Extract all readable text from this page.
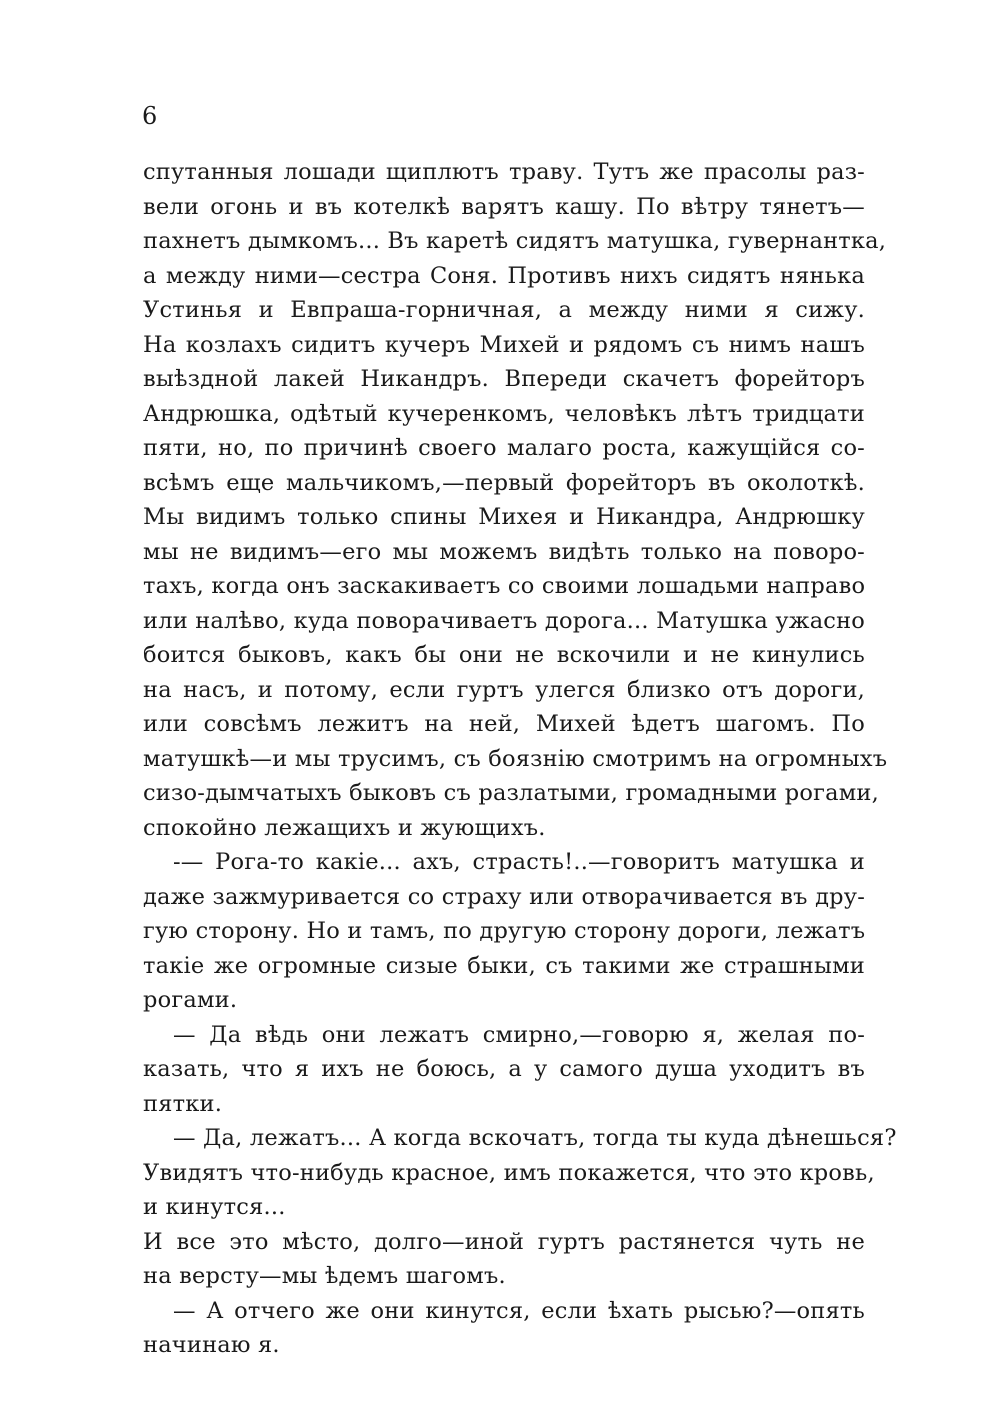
6
спутанныя лошади щиплютъ траву. Тутъ же прасолы раз-
вели огонь и въ котелкѣ варятъ кашу. По вѣтру тянетъ—
пахнетъ дымкомъ... Въ каретѣ сидятъ матушка, гувернантка,
а между ними—сестра Соня. Противъ нихъ сидятъ нянька
Устинья и Евпраша-горничная, а между ними я сижу.
На козлахъ сидитъ кучеръ Михей и рядомъ съ нимъ нашъ
выѣздной лакей Никандръ. Впереди скачетъ форейторъ
Андрюшка, одѣтый кучеренкомъ, человѣкъ лѣтъ тридцати
пяти, но, по причинѣ своего малаго роста, кажущійся со-
всѣмъ еще мальчикомъ,—первый форейторъ въ околоткѣ.
Мы видимъ только спины Михея и Никандра, Андрюшку
мы не видимъ—его мы можемъ видѣть только на поворо-
тахъ, когда онъ заскакиваетъ со своими лошадьми направо
или налѣво, куда поворачиваетъ дорога... Матушка ужасно
боится быковъ, какъ бы они не вскочили и не кинулись
на насъ, и потому, если гуртъ улегся близко отъ дороги,
или совсѣмъ лежитъ на ней, Михей ѣдетъ шагомъ. По
матушкѣ—и мы трусимъ, съ боязнію смотримъ на огромныхъ
сизо-дымчатыхъ быковъ съ разлатыми, громадными рогами,
спокойно лежащихъ и жующихъ.
-— Рога-то какіе... ахъ, страсть!..—говоритъ матушка и
даже зажмуривается со страху или отворачивается въ дру-
гую сторону. Но и тамъ, по другую сторону дороги, лежатъ
такіе же огромные сизые быки, съ такими же страшными
рогами.
— Да вѣдь они лежатъ смирно,—говорю я, желая по-
казать, что я ихъ не боюсь, а у самого душа уходитъ въ
пятки.
— Да, лежатъ... А когда вскочатъ, тогда ты куда дѣнешься?
Увидятъ что-нибудь красное, имъ покажется, что это кровь,
и кинутся...
И все это мѣсто, долго—иной гуртъ растянется чуть не
на версту—мы ѣдемъ шагомъ.
— А отчего же они кинутся, если ѣхать рысью?—опять
начинаю я.
